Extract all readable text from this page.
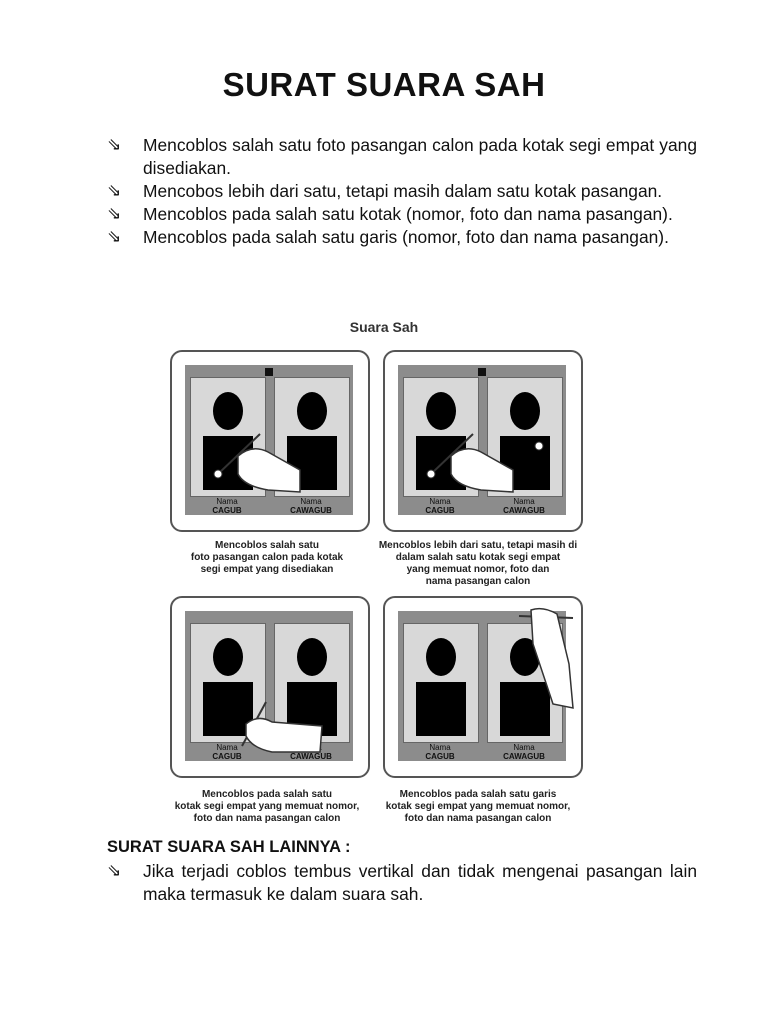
SURAT SUARA SAH
⇘ Mencoblos salah satu foto pasangan calon pada kotak segi empat yang disediakan.
⇘ Mencobos lebih dari satu, tetapi masih dalam satu kotak pasangan.
⇘ Mencoblos pada salah satu kotak (nomor, foto dan nama pasangan).
⇘ Mencoblos pada salah satu garis (nomor, foto dan nama pasangan).
Suara Sah
Nama
CAGUB
Nama
CAWAGUB
Mencoblos salah satu
foto pasangan calon pada kotak
segi empat yang disediakan
Nama
CAGUB
Nama
CAWAGUB
Mencoblos lebih dari satu, tetapi masih di
dalam salah satu kotak segi empat
yang memuat nomor, foto dan
nama pasangan calon
Nama
CAGUB	CAWAGUB
Mencoblos pada salah satu
kotak segi empat yang memuat nomor,
foto dan nama pasangan calon
Nama
CAGUB
Nama
CAWAGUB
Mencoblos pada salah satu garis
kotak segi empat yang memuat nomor,
foto dan nama pasangan calon
SURAT SUARA SAH LAINNYA :
⇘ Jika terjadi coblos tembus vertikal dan tidak mengenai pasangan lain maka termasuk ke dalam suara sah.
